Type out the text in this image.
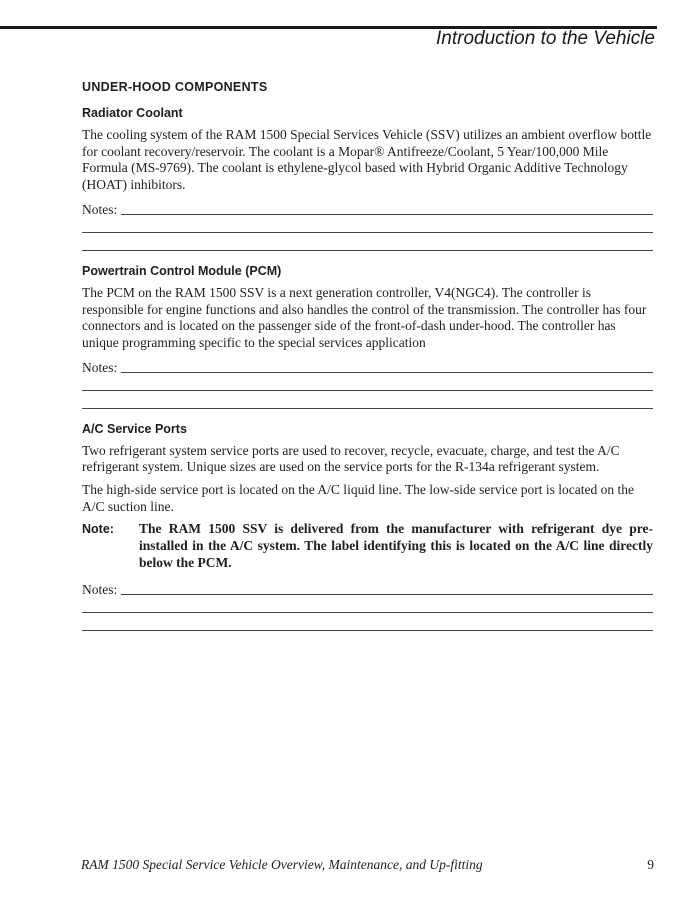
Introduction to the Vehicle
UNDER-HOOD COMPONENTS
Radiator Coolant

The cooling system of the RAM 1500 Special Services Vehicle (SSV) utilizes an ambient overflow bottle for coolant recovery/reservoir. The coolant is a Mopar® Antifreeze/Coolant, 5 Year/100,000 Mile Formula (MS-9769). The coolant is ethylene-glycol based with Hybrid Organic Additive Technology (HOAT) inhibitors.

Notes:
Powertrain Control Module (PCM)

The PCM on the RAM 1500 SSV is a next generation controller, V4(NGC4). The controller is responsible for engine functions and also handles the control of the transmission. The controller has four connectors and is located on the passenger side of the front-of-dash under-hood. The controller has unique programming specific to the special services application

Notes:
A/C Service Ports

Two refrigerant system service ports are used to recover, recycle, evacuate, charge, and test the A/C refrigerant system. Unique sizes are used on the service ports for the R-134a refrigerant system.

The high-side service port is located on the A/C liquid line. The low-side service port is located on the A/C suction line.

Note:	The RAM 1500 SSV is delivered from the manufacturer with refrigerant dye pre-installed in the A/C system. The label identifying this is located on the A/C line directly below the PCM.
Notes:
RAM 1500 Special Service Vehicle Overview, Maintenance, and Up-fitting	9
